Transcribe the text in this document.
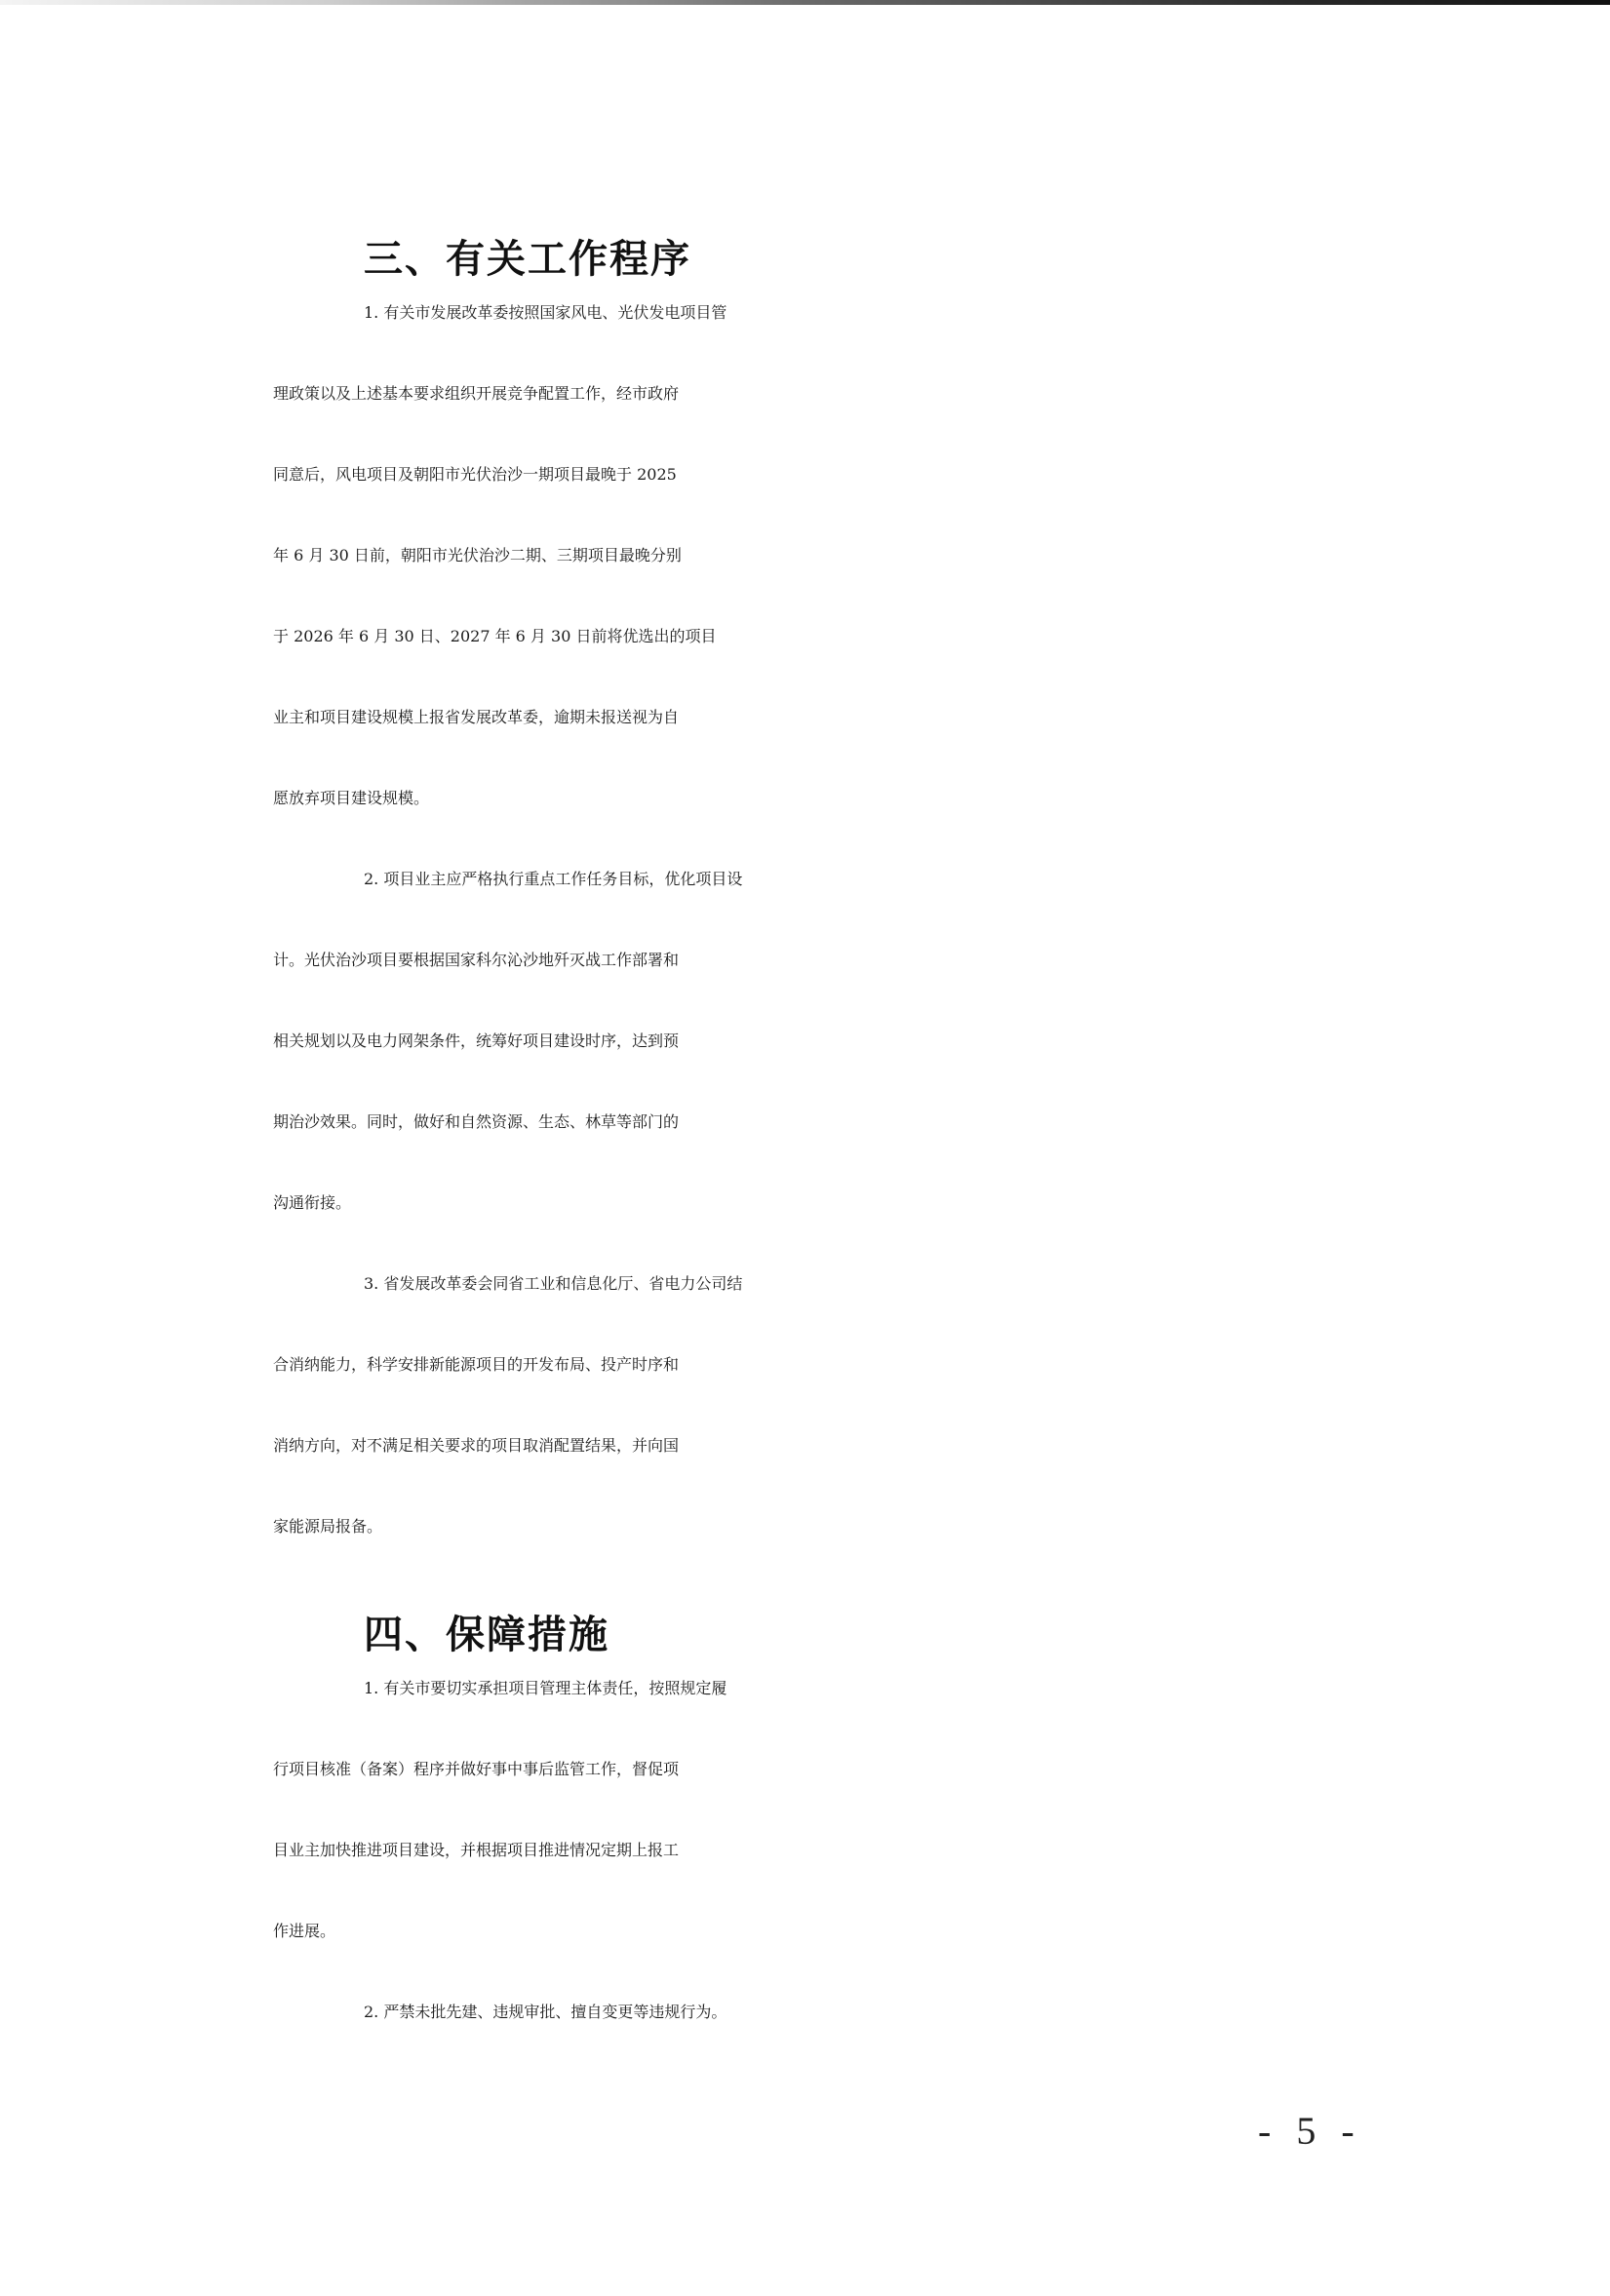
三、有关工作程序
1. 有关市发展改革委按照国家风电、光伏发电项目管
理政策以及上述基本要求组织开展竞争配置工作，经市政府
同意后，风电项目及朝阳市光伏治沙一期项目最晚于 2025
年 6 月 30 日前，朝阳市光伏治沙二期、三期项目最晚分别
于 2026 年 6 月 30 日、2027 年 6 月 30 日前将优选出的项目
业主和项目建设规模上报省发展改革委，逾期未报送视为自
愿放弃项目建设规模。
2. 项目业主应严格执行重点工作任务目标，优化项目设
计。光伏治沙项目要根据国家科尔沁沙地歼灭战工作部署和
相关规划以及电力网架条件，统筹好项目建设时序，达到预
期治沙效果。同时，做好和自然资源、生态、林草等部门的
沟通衔接。
3. 省发展改革委会同省工业和信息化厅、省电力公司结
合消纳能力，科学安排新能源项目的开发布局、投产时序和
消纳方向，对不满足相关要求的项目取消配置结果，并向国
家能源局报备。
四、保障措施
1. 有关市要切实承担项目管理主体责任，按照规定履
行项目核准（备案）程序并做好事中事后监管工作，督促项
目业主加快推进项目建设，并根据项目推进情况定期上报工
作进展。
2. 严禁未批先建、违规审批、擅自变更等违规行为。
- 5 -
